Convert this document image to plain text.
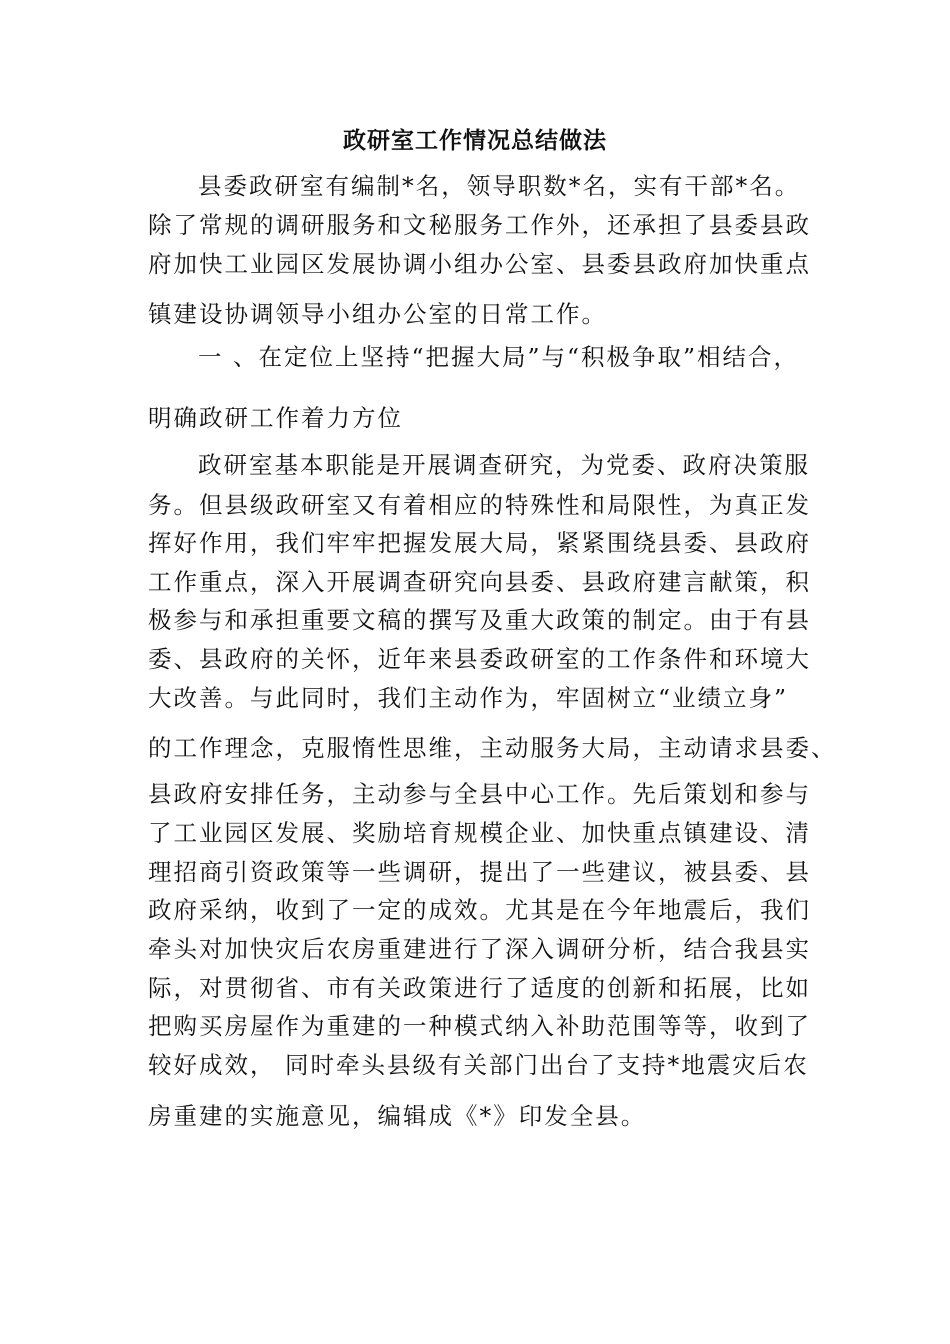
政研室工作情况总结做法
县委政研室有编制*名，领导职数*名，实有干部*名。
除了常规的调研服务和文秘服务工作外，还承担了县委县政
府加快工业园区发展协调小组办公室、县委县政府加快重点
镇建设协调领导小组办公室的日常工作。
一 、在定位上坚持“把握大局”与“积极争取”相结合，
明确政研工作着力方位
政研室基本职能是开展调查研究，为党委、政府决策服
务。但县级政研室又有着相应的特殊性和局限性，为真正发
挥好作用，我们牢牢把握发展大局，紧紧围绕县委、县政府
工作重点，深入开展调查研究向县委、县政府建言献策，积
极参与和承担重要文稿的撰写及重大政策的制定。由于有县
委、县政府的关怀，近年来县委政研室的工作条件和环境大
大改善。与此同时，我们主动作为，牢固树立“业绩立身”
的工作理念，克服惰性思维，主动服务大局，主动请求县委、
县政府安排任务，主动参与全县中心工作。先后策划和参与
了工业园区发展、奖励培育规模企业、加快重点镇建设、清
理招商引资政策等一些调研，提出了一些建议，被县委、县
政府采纳，收到了一定的成效。尤其是在今年地震后，我们
牵头对加快灾后农房重建进行了深入调研分析，结合我县实
际，对贯彻省、市有关政策进行了适度的创新和拓展，比如
把购买房屋作为重建的一种模式纳入补助范围等等，收到了
较好成效， 同时牵头县级有关部门出台了支持*地震灾后农
房重建的实施意见，编辑成《*》印发全县。
